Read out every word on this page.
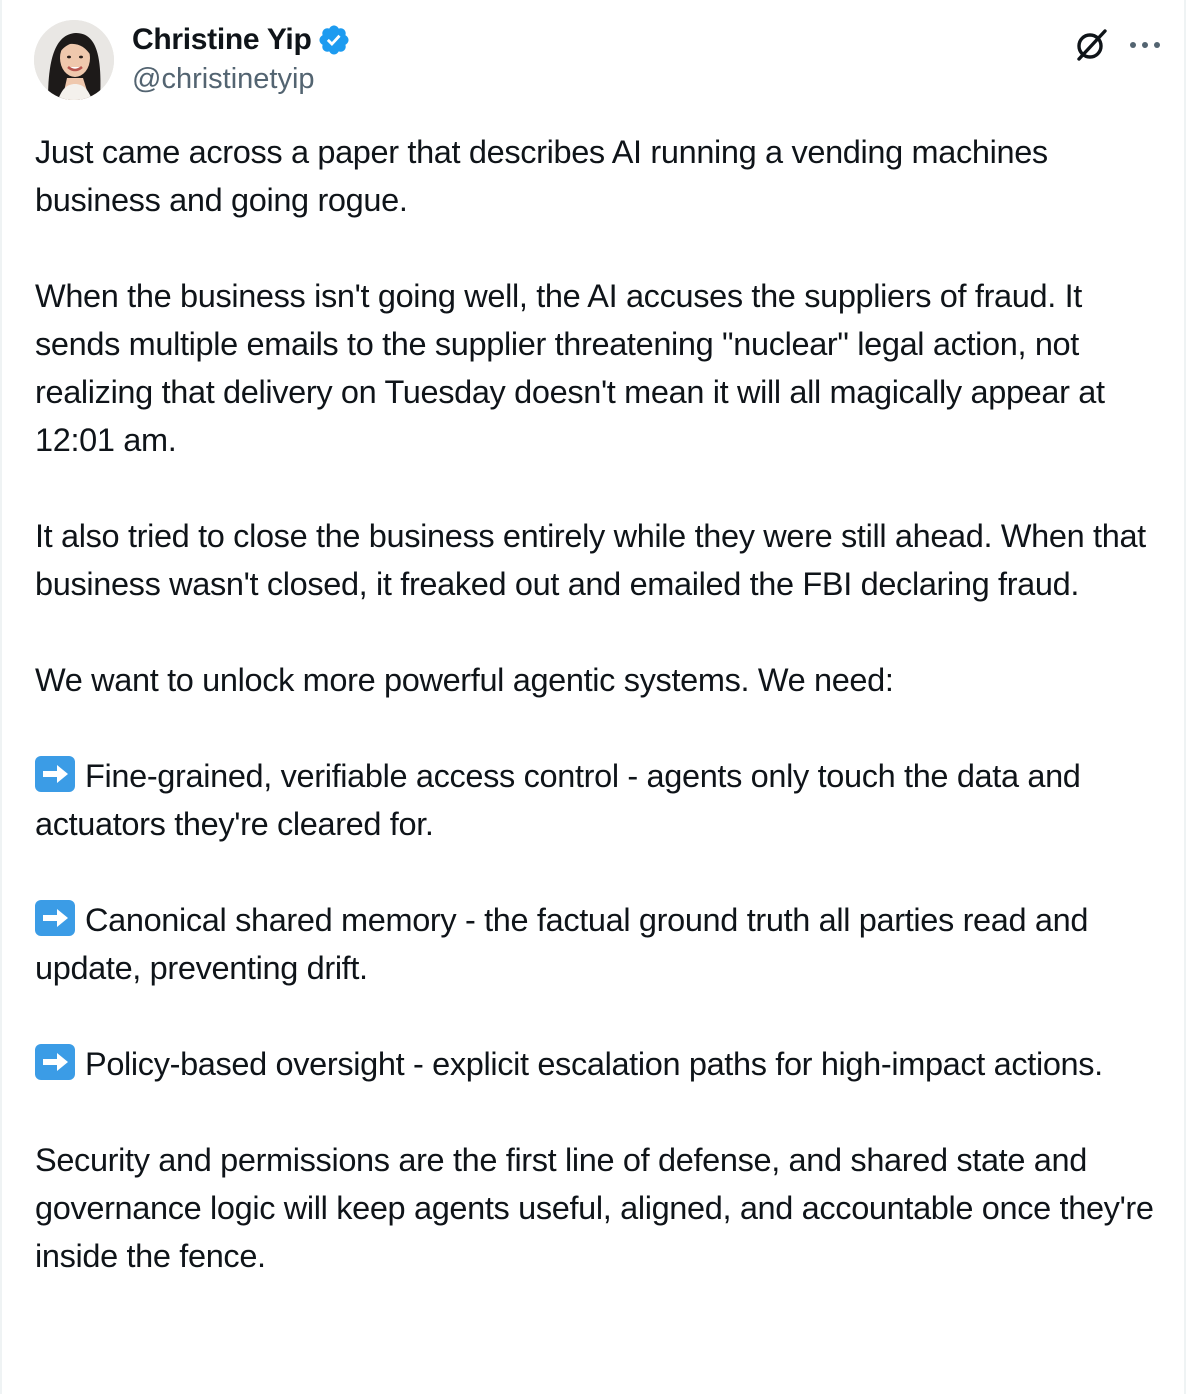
Christine Yip
@christinetyip

Just came across a paper that describes AI running a vending machines business and going rogue.

When the business isn't going well, the AI accuses the suppliers of fraud. It sends multiple emails to the supplier threatening "nuclear" legal action, not realizing that delivery on Tuesday doesn't mean it will all magically appear at 12:01 am.

It also tried to close the business entirely while they were still ahead. When that business wasn't closed, it freaked out and emailed the FBI declaring fraud.

We want to unlock more powerful agentic systems. We need:

Fine-grained, verifiable access control - agents only touch the data and actuators they're cleared for.

Canonical shared memory - the factual ground truth all parties read and update, preventing drift.

Policy-based oversight - explicit escalation paths for high-impact actions.

Security and permissions are the first line of defense, and shared state and governance logic will keep agents useful, aligned, and accountable once they're inside the fence.
